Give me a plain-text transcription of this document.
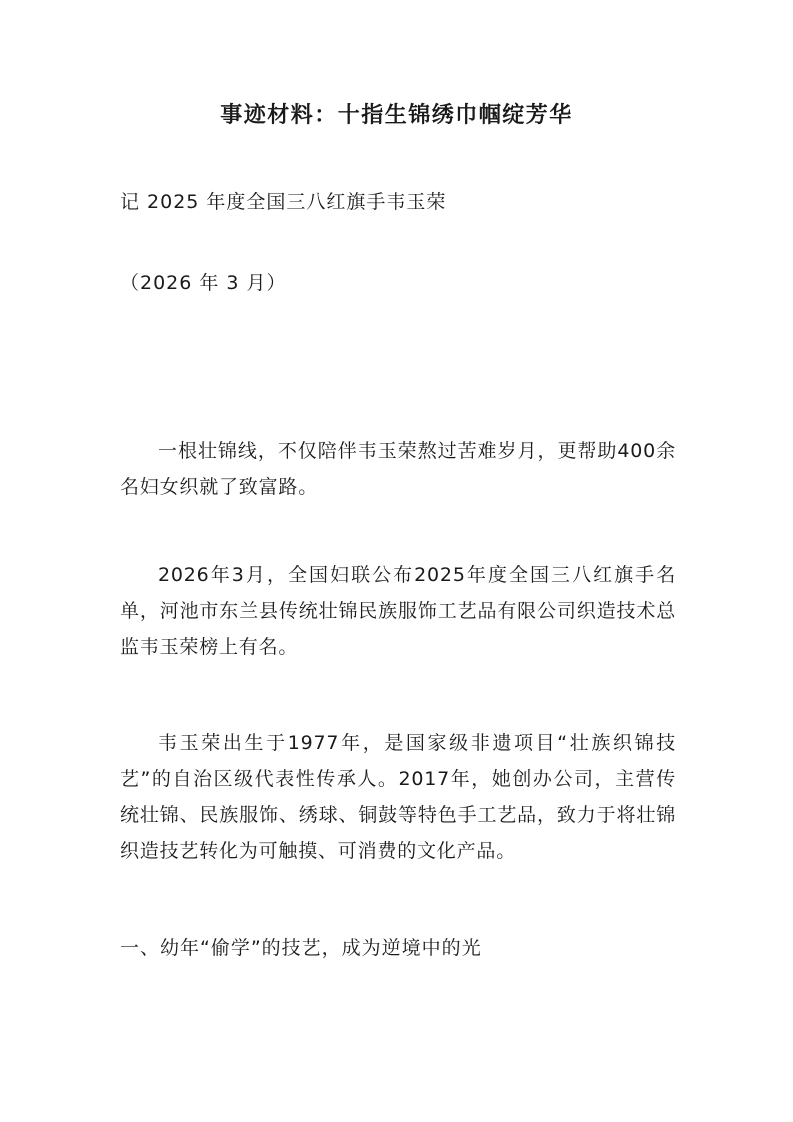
事迹材料：十指生锦绣巾帼绽芳华
记 2025 年度全国三八红旗手韦玉荣
（2026 年 3 月）

一根壮锦线，不仅陪伴韦玉荣熬过苦难岁月，更帮助400余名妇女织就了致富路。

2026年3月，全国妇联公布2025年度全国三八红旗手名单，河池市东兰县传统壮锦民族服饰工艺品有限公司织造技术总监韦玉荣榜上有名。

韦玉荣出生于1977年，是国家级非遗项目“壮族织锦技艺”的自治区级代表性传承人。2017年，她创办公司，主营传统壮锦、民族服饰、绣球、铜鼓等特色手工艺品，致力于将壮锦织造技艺转化为可触摸、可消费的文化产品。

一、幼年“偷学”的技艺，成为逆境中的光
